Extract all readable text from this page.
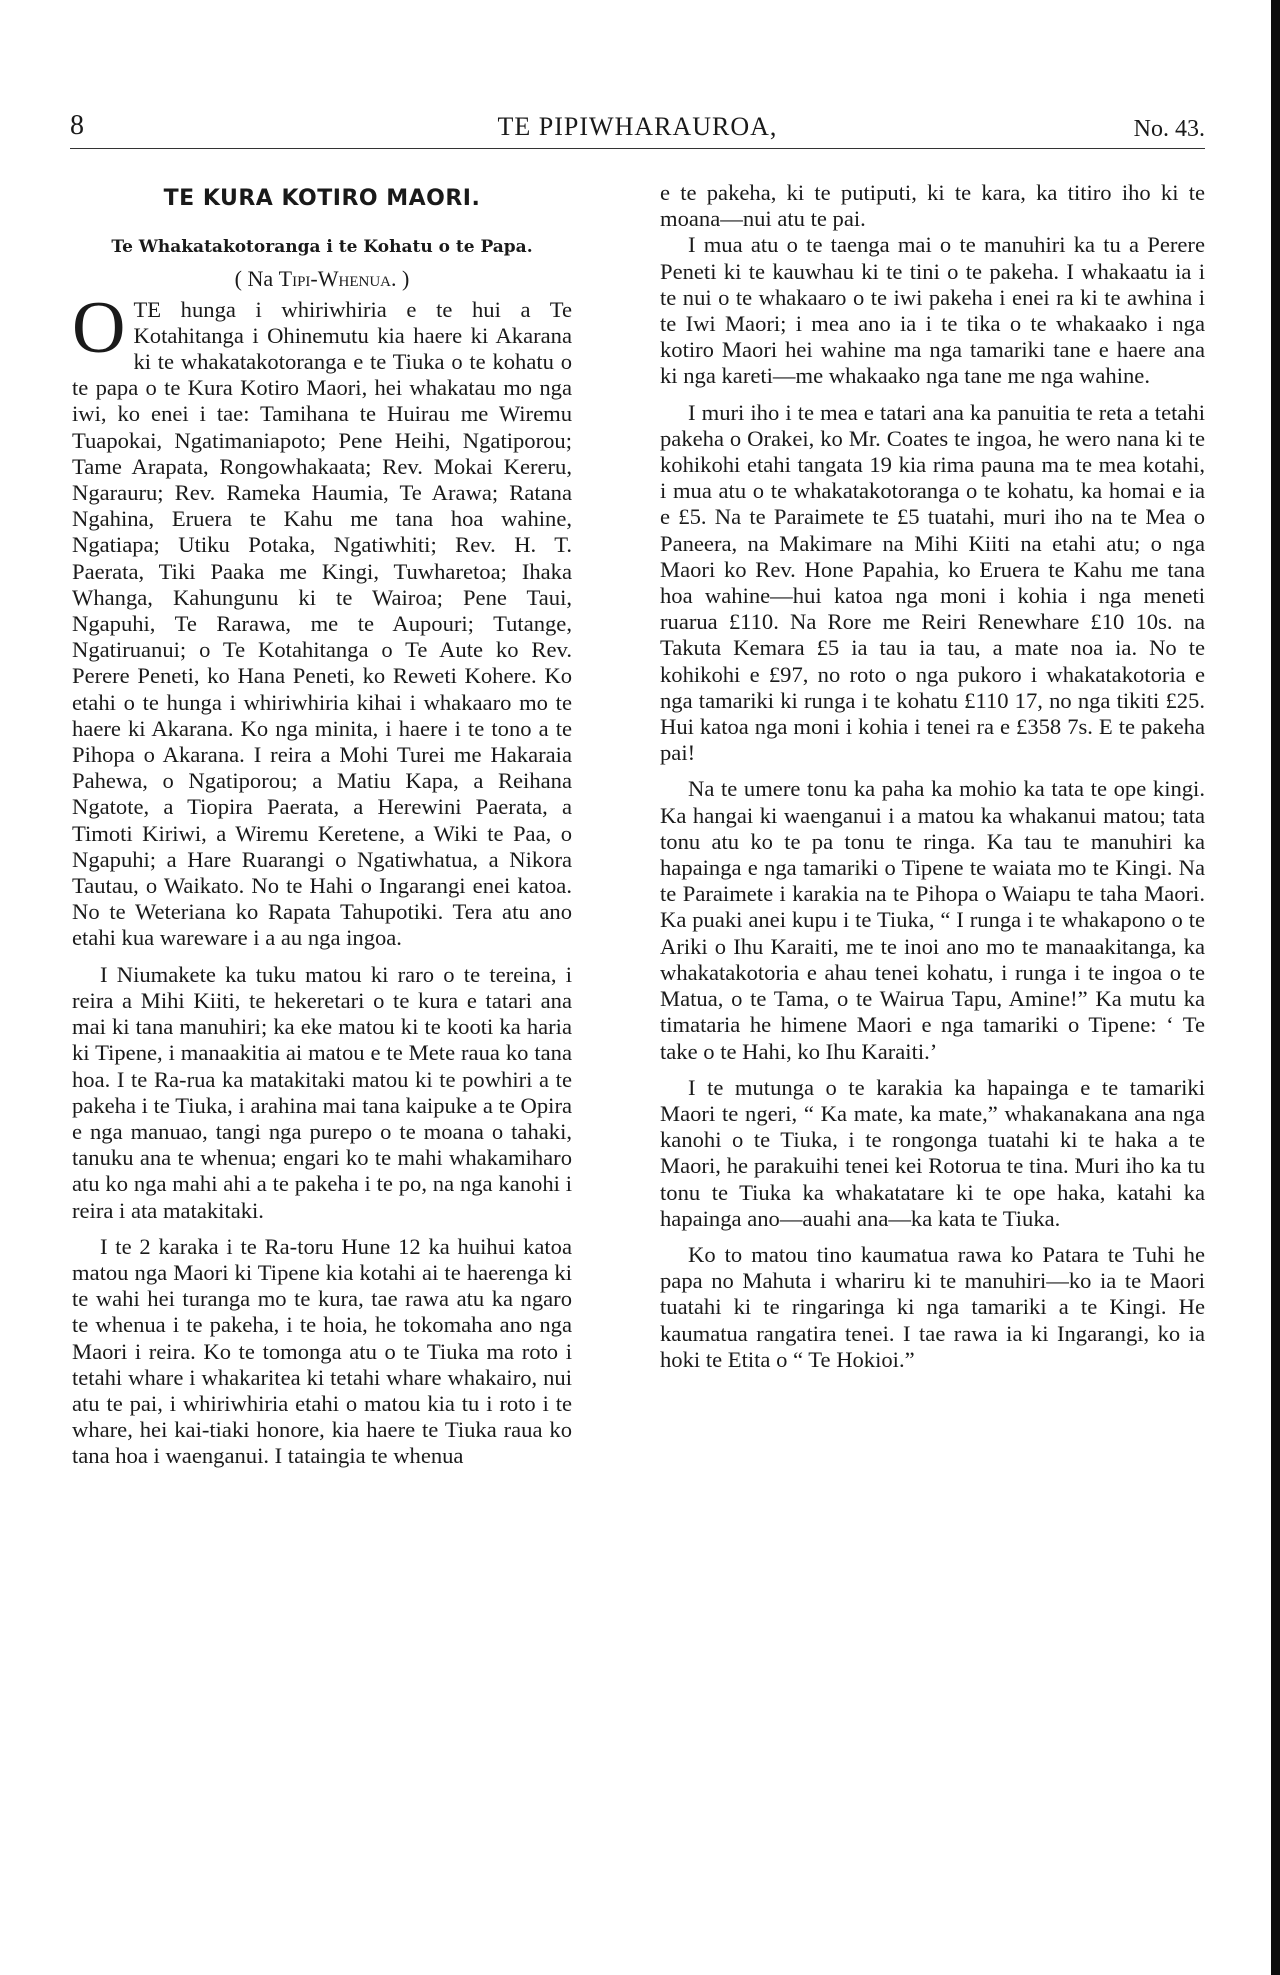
8	TE PIPIWHARAUROA,	No. 43.
TE KURA KOTIRO MAORI.
Te Whakatakotoranga i te Kohatu o te Papa.
( Na Tipi-Whenua. )

OTE hunga i whiriwhiria e te hui a Te Kotahitanga i Ohinemutu kia haere ki Akarana ki te whakatakotoranga e te Tiuka o te kohatu o te papa o te Kura Kotiro Maori, hei whakatau mo nga iwi, ko enei i tae: Tamihana te Huirau me Wiremu Tuapokai, Ngatimaniapoto; Pene Heihi, Ngatiporou; Tame Arapata, Rongowhakaata; Rev. Mokai Kereru, Ngarauru; Rev. Rameka Haumia, Te Arawa; Ratana Ngahina, Eruera te Kahu me tana hoa wahine, Ngatiapa; Utiku Potaka, Ngatiwhiti; Rev. H. T. Paerata, Tiki Paaka me Kingi, Tuwharetoa; Ihaka Whanga, Kahungunu ki te Wairoa; Pene Taui, Ngapuhi, Te Rarawa, me te Aupouri; Tutange, Ngatiruanui; o Te Kotahitanga o Te Aute ko Rev. Perere Peneti, ko Hana Peneti, ko Reweti Kohere. Ko etahi o te hunga i whiriwhiria kihai i whakaaro mo te haere ki Akarana. Ko nga minita, i haere i te tono a te Pihopa o Akarana. I reira a Mohi Turei me Hakaraia Pahewa, o Ngatiporou; a Matiu Kapa, a Reihana Ngatote, a Tiopira Paerata, a Herewini Paerata, a Timoti Kiriwi, a Wiremu Keretene, a Wiki te Paa, o Ngapuhi; a Hare Ruarangi o Ngatiwhatua, a Nikora Tautau, o Waikato. No te Hahi o Ingarangi enei katoa. No te Weteriana ko Rapata Tahupotiki. Tera atu ano etahi kua wareware i a au nga ingoa.

I Niumakete ka tuku matou ki raro o te tereina, i reira a Mihi Kiiti, te hekeretari o te kura e tatari ana mai ki tana manuhiri; ka eke matou ki te kooti ka haria ki Tipene, i manaakitia ai matou e te Mete raua ko tana hoa. I te Ra-rua ka matakitaki matou ki te powhiri a te pakeha i te Tiuka, i arahina mai tana kaipuke a te Opira e nga manuao, tangi nga purepo o te moana o tahaki, tanuku ana te whenua; engari ko te mahi whakamiharo atu ko nga mahi ahi a te pakeha i te po, na nga kanohi i reira i ata matakitaki.

I te 2 karaka i te Ra-toru Hune 12 ka huihui katoa matou nga Maori ki Tipene kia kotahi ai te haerenga ki te wahi hei turanga mo te kura, tae rawa atu ka ngaro te whenua i te pakeha, i te hoia, he tokomaha ano nga Maori i reira. Ko te tomonga atu o te Tiuka ma roto i tetahi whare i whakaritea ki tetahi whare whakairo, nui atu te pai, i whiriwhiria etahi o matou kia tu i roto i te whare, hei kai-tiaki honore, kia haere te Tiuka raua ko tana hoa i waenganui. I tataingia te whenua

e te pakeha, ki te putiputi, ki te kara, ka titiro iho ki te moana—nui atu te pai.

I mua atu o te taenga mai o te manuhiri ka tu a Perere Peneti ki te kauwhau ki te tini o te pakeha. I whakaatu ia i te nui o te whakaaro o te iwi pakeha i enei ra ki te awhina i te Iwi Maori; i mea ano ia i te tika o te whakaako i nga kotiro Maori hei wahine ma nga tamariki tane e haere ana ki nga kareti—me whakaako nga tane me nga wahine.

I muri iho i te mea e tatari ana ka panuitia te reta a tetahi pakeha o Orakei, ko Mr. Coates te ingoa, he wero nana ki te kohikohi etahi tangata 19 kia rima pauna ma te mea kotahi, i mua atu o te whakatakotoranga o te kohatu, ka homai e ia e £5. Na te Paraimete te £5 tuatahi, muri iho na te Mea o Paneera, na Makimare na Mihi Kiiti na etahi atu; o nga Maori ko Rev. Hone Papahia, ko Eruera te Kahu me tana hoa wahine—hui katoa nga moni i kohia i nga meneti ruarua £110. Na Rore me Reiri Renewhare £10 10s. na Takuta Kemara £5 ia tau ia tau, a mate noa ia. No te kohikohi e £97, no roto o nga pukoro i whakatakotoria e nga tamariki ki runga i te kohatu £110 17, no nga tikiti £25. Hui katoa nga moni i kohia i tenei ra e £358 7s. E te pakeha pai!

Na te umere tonu ka paha ka mohio ka tata te ope kingi. Ka hangai ki waenganui i a matou ka whakanui matou; tata tonu atu ko te pa tonu te ringa. Ka tau te manuhiri ka hapainga e nga tamariki o Tipene te waiata mo te Kingi. Na te Paraimete i karakia na te Pihopa o Waiapu te taha Maori. Ka puaki anei kupu i te Tiuka, “ I runga i te whakapono o te Ariki o Ihu Karaiti, me te inoi ano mo te manaakitanga, ka whakatakotoria e ahau tenei kohatu, i runga i te ingoa o te Matua, o te Tama, o te Wairua Tapu, Amine!” Ka mutu ka timataria he himene Maori e nga tamariki o Tipene: ‘ Te take o te Hahi, ko Ihu Karaiti.’

I te mutunga o te karakia ka hapainga e te tamariki Maori te ngeri, “ Ka mate, ka mate,” whakanakana ana nga kanohi o te Tiuka, i te rongonga tuatahi ki te haka a te Maori, he parakuihi tenei kei Rotorua te tina. Muri iho ka tu tonu te Tiuka ka whakatatare ki te ope haka, katahi ka hapainga ano—auahi ana—ka kata te Tiuka.

Ko to matou tino kaumatua rawa ko Patara te Tuhi he papa no Mahuta i whariru ki te manuhiri—ko ia te Maori tuatahi ki te ringaringa ki nga tamariki a te Kingi. He kaumatua rangatira tenei. I tae rawa ia ki Ingarangi, ko ia hoki te Etita o “ Te Hokioi.”
